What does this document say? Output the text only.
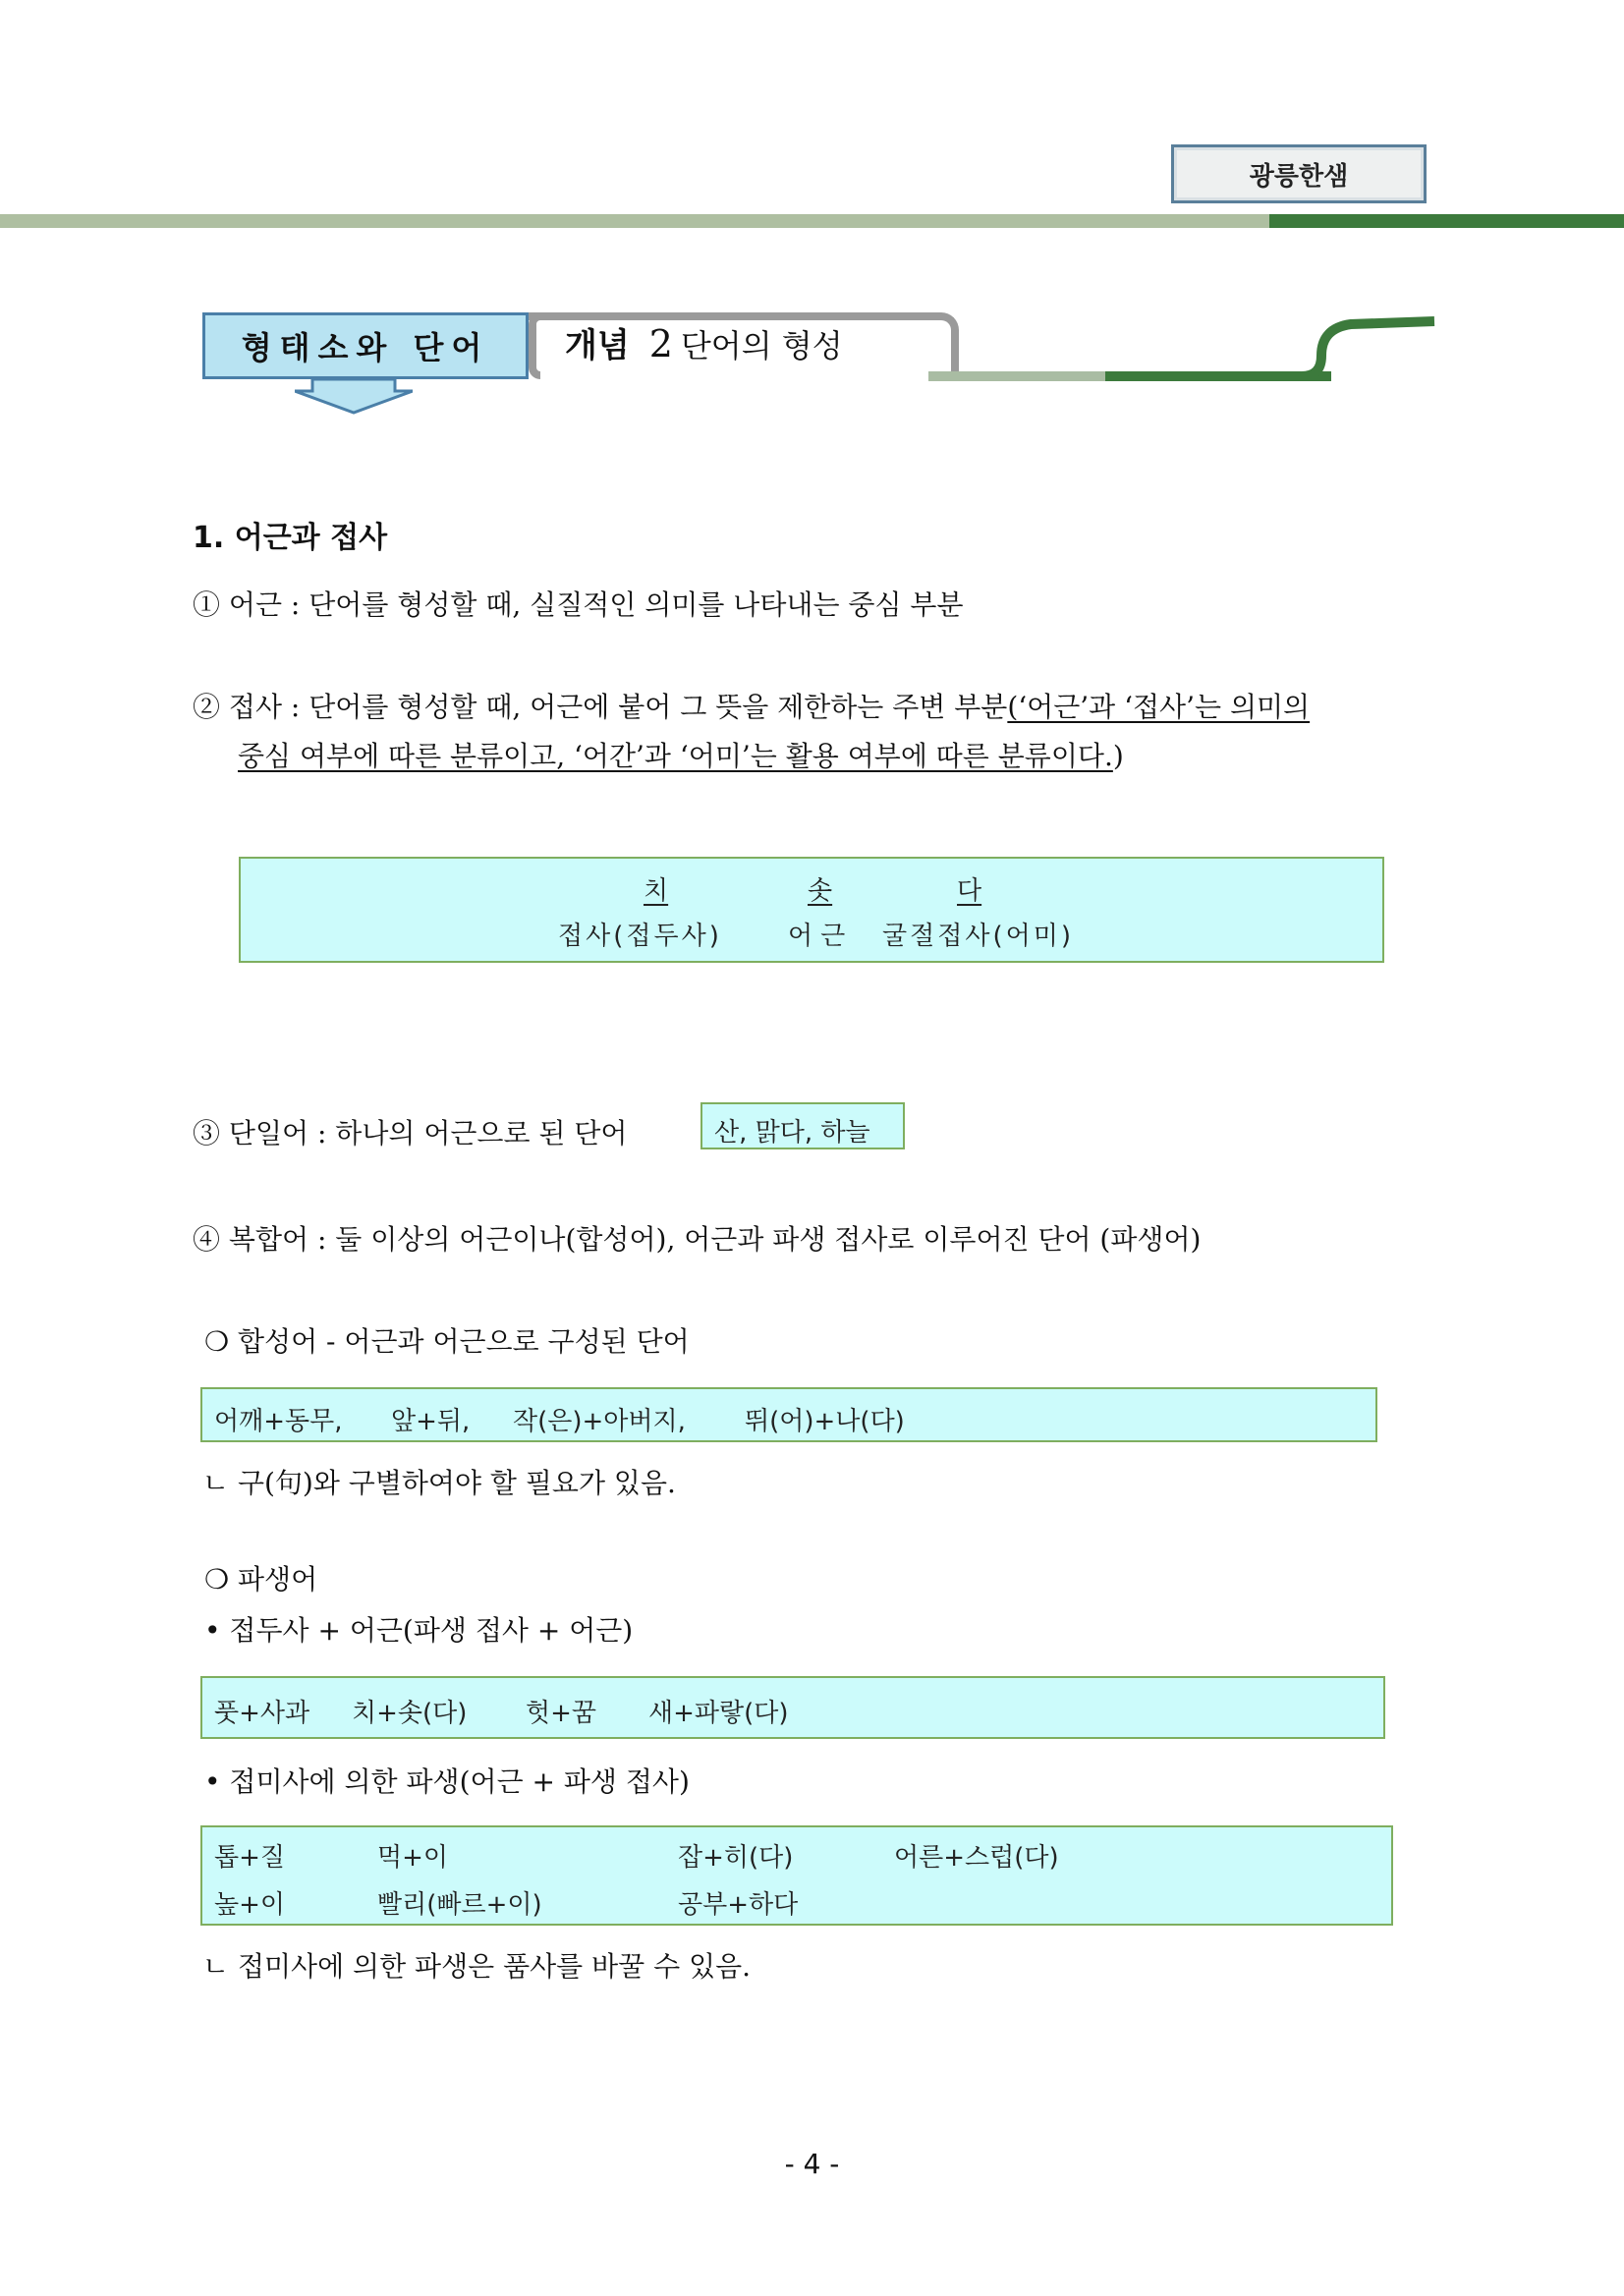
광릉한샘
형태소와 단어	개념 2 단어의 형성
1. 어근과 접사
① 어근 : 단어를 형성할 때, 실질적인 의미를 나타내는 중심 부분
② 접사 : 단어를 형성할 때, 어근에 붙어 그 뜻을 제한하는 주변 부분(‘어근’과 ‘접사’는 의미의
중심 여부에 따른 분류이고, ‘어간’과 ‘어미’는 활용 여부에 따른 분류이다.)
치	솟	다
접사(접두사)	어근 굴절접사(어미)
③ 단일어 : 하나의 어근으로 된 단어	산, 맑다, 하늘
④ 복합어 : 둘 이상의 어근이나(합성어), 어근과 파생 접사로 이루어진 단어 (파생어)
❍ 합성어 - 어근과 어근으로 구성된 단어
어깨+동무, 앞+뒤, 작(은)+아버지, 뛰(어)+나(다)
ㄴ 구(句)와 구별하여야 할 필요가 있음.
❍ 파생어
• 접두사 + 어근(파생 접사 + 어근)
풋+사과 치+솟(다) 헛+꿈 새+파랗(다)
• 접미사에 의한 파생(어근 + 파생 접사)
톱+질	먹+이	잡+히(다)	어른+스럽(다)
높+이	빨리(빠르+이)	공부+하다
ㄴ 접미사에 의한 파생은 품사를 바꿀 수 있음.
- 4 -
